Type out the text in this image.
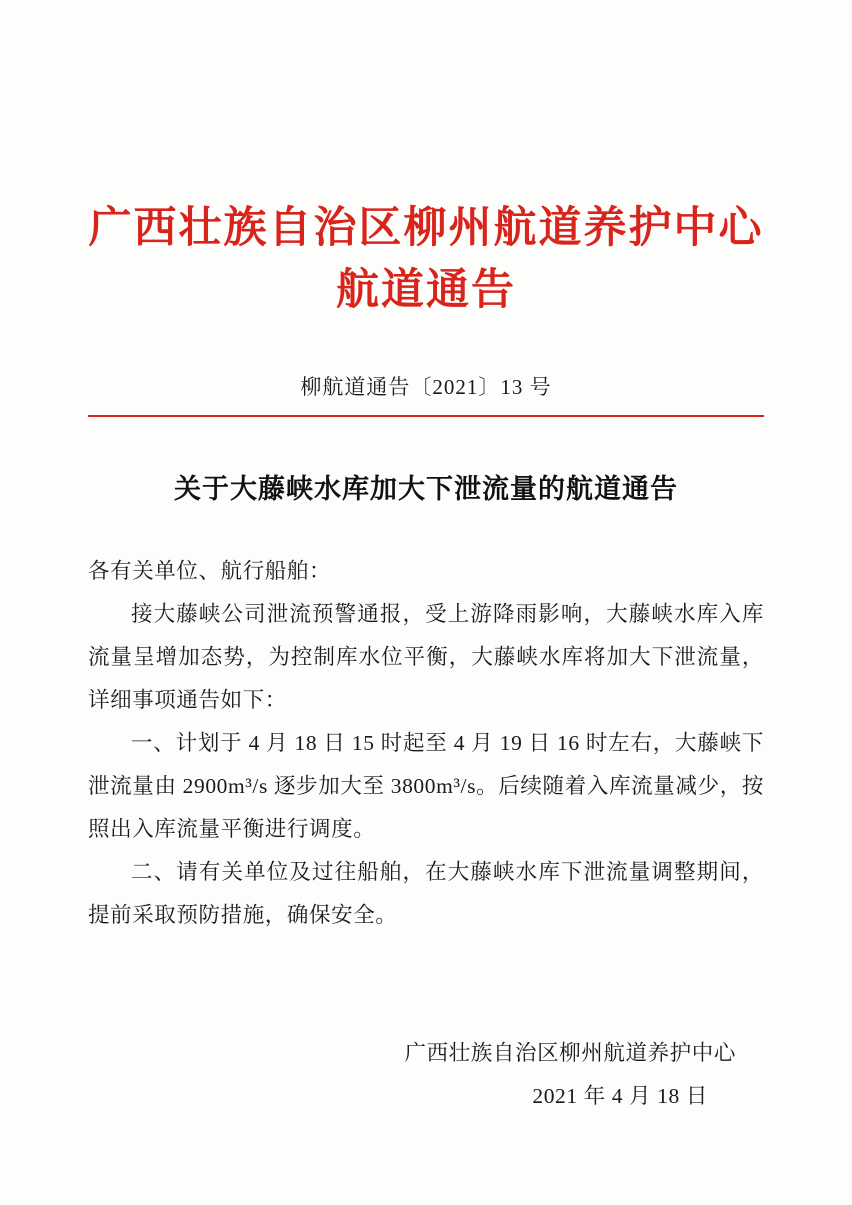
广西壮族自治区柳州航道养护中心
航道通告
柳航道通告〔2021〕13 号
关于大藤峡水库加大下泄流量的航道通告

各有关单位、航行船舶：

接大藤峡公司泄流预警通报，受上游降雨影响，大藤峡水库入库流量呈增加态势，为控制库水位平衡，大藤峡水库将加大下泄流量，详细事项通告如下：

一、计划于 4 月 18 日 15 时起至 4 月 19 日 16 时左右，大藤峡下泄流量由 2900m³/s 逐步加大至 3800m³/s。后续随着入库流量减少，按照出入库流量平衡进行调度。

二、请有关单位及过往船舶，在大藤峡水库下泄流量调整期间，提前采取预防措施，确保安全。

广西壮族自治区柳州航道养护中心
2021 年 4 月 18 日
